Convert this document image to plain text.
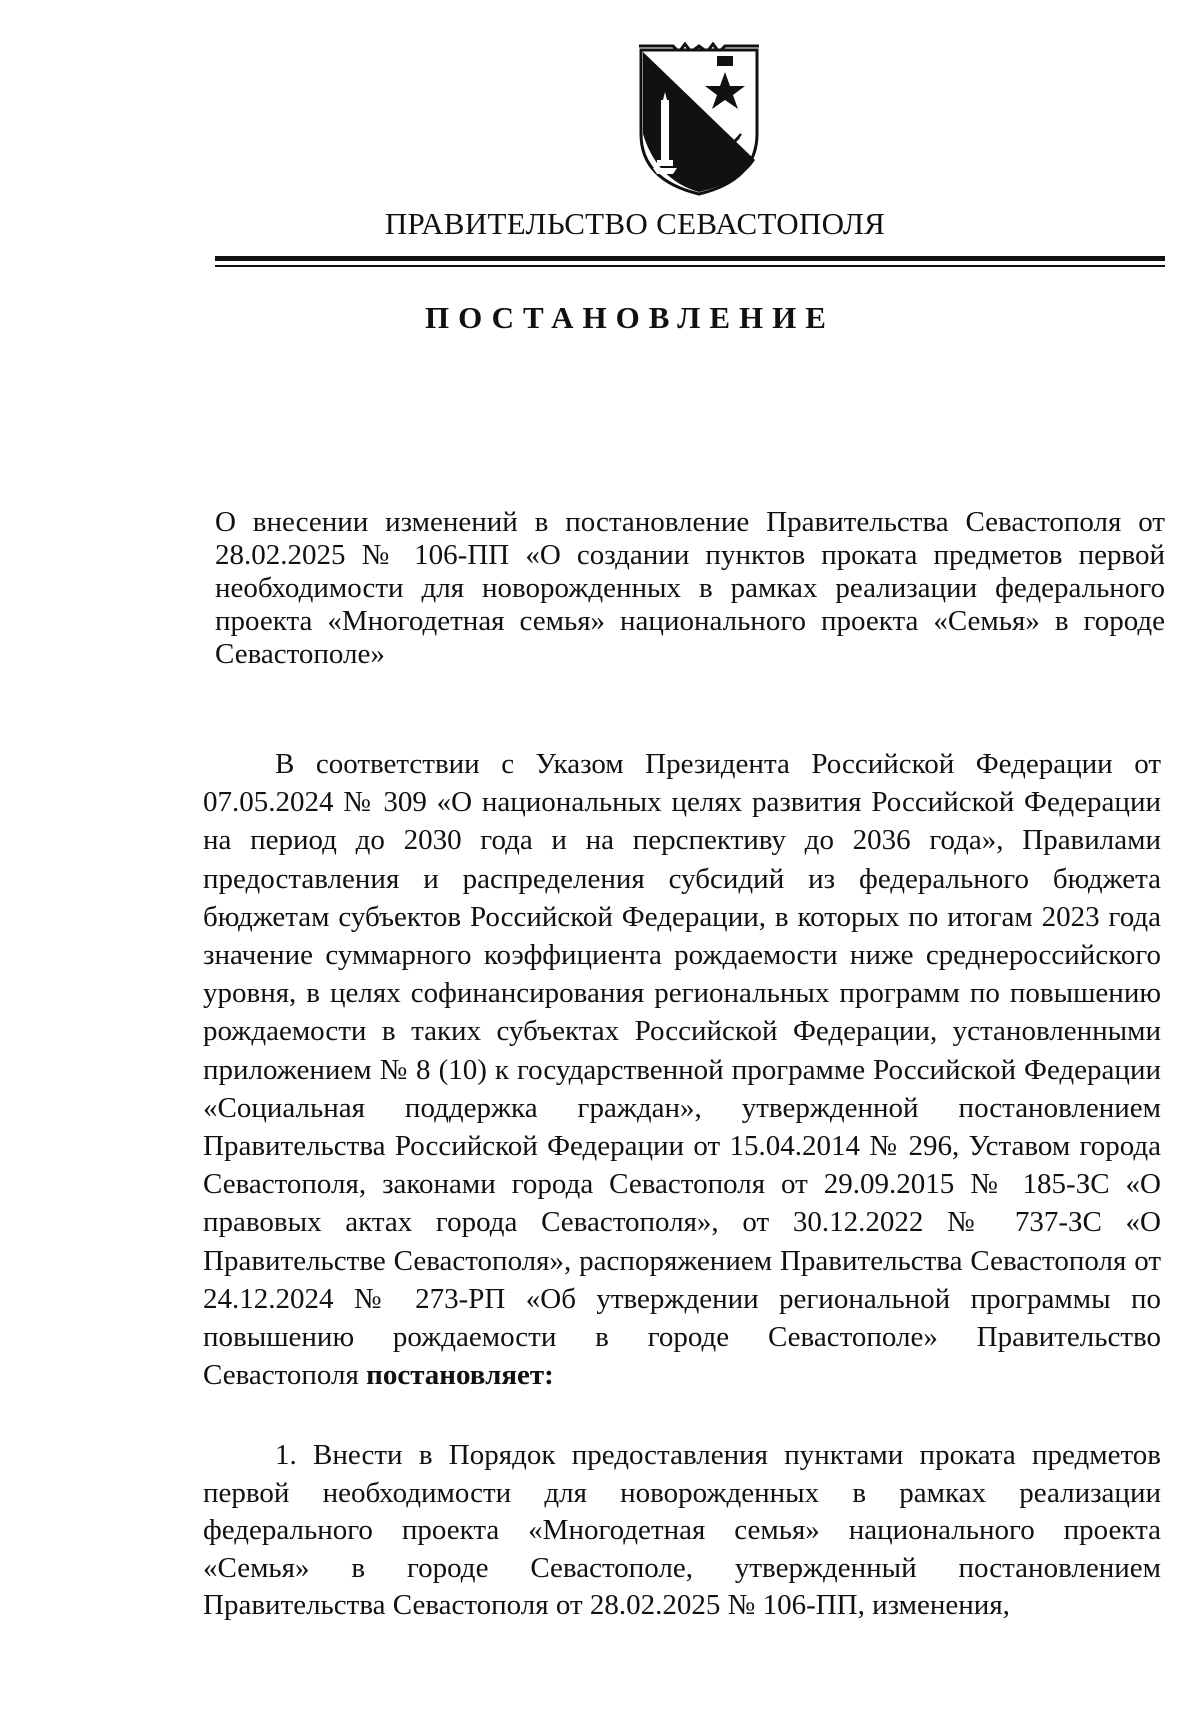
ПРАВИТЕЛЬСТВО СЕВАСТОПОЛЯ
ПОСТАНОВЛЕНИЕ
О внесении изменений в постановление Правительства Севастополя от 28.02.2025 № 106-ПП «О создании пунктов проката предметов первой необходимости для новорожденных в рамках реализации федерального проекта «Многодетная семья» национального проекта «Семья» в городе Севастополе»
В соответствии с Указом Президента Российской Федерации от 07.05.2024 № 309 «О национальных целях развития Российской Федерации на период до 2030 года и на перспективу до 2036 года», Правилами предоставления и распределения субсидий из федерального бюджета бюджетам субъектов Российской Федерации, в которых по итогам 2023 года значение суммарного коэффициента рождаемости ниже среднероссийского уровня, в целях софинансирования региональных программ по повышению рождаемости в таких субъектах Российской Федерации, установленными приложением № 8 (10) к государственной программе Российской Федерации «Социальная поддержка граждан», утвержденной постановлением Правительства Российской Федерации от 15.04.2014 № 296, Уставом города Севастополя, законами города Севастополя от 29.09.2015 № 185-ЗС «О правовых актах города Севастополя», от 30.12.2022 № 737-ЗС «О Правительстве Севастополя», распоряжением Правительства Севастополя от 24.12.2024 № 273-РП «Об утверждении региональной программы по повышению рождаемости в городе Севастополе» Правительство Севастополя постановляет:
1. Внести в Порядок предоставления пунктами проката предметов первой необходимости для новорожденных в рамках реализации федерального проекта «Многодетная семья» национального проекта «Семья» в городе Севастополе, утвержденный постановлением Правительства Севастополя от 28.02.2025 № 106-ПП, изменения,
